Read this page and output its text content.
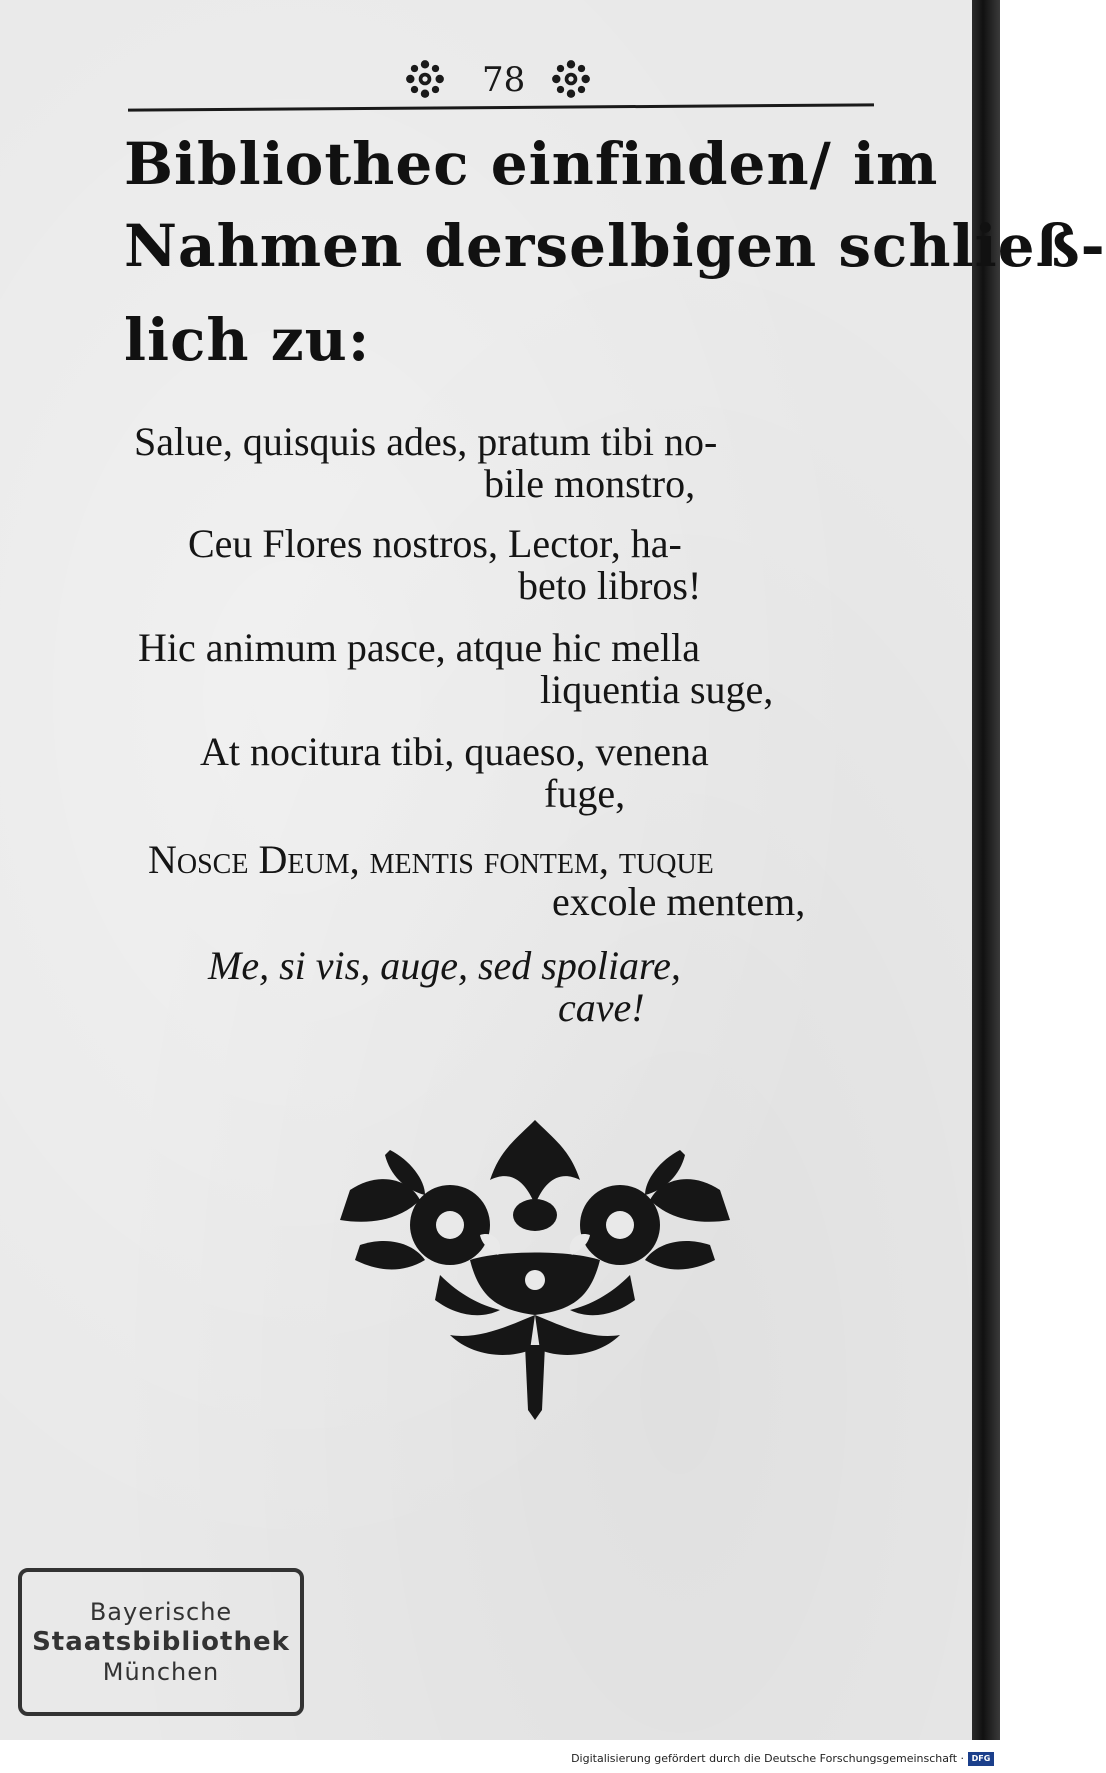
78
Bibliothec einfinden/ im
Nahmen derselbigen schließ-
lich zu:
Salue, quisquis ades, pratum tibi no-
bile monstro,
Ceu Flores nostros, Lector, ha-
beto libros!
Hic animum pasce, atque hic mella
liquentia suge,
At nocitura tibi, quaeso, venena
fuge,
Nosce Deum, mentis fontem, tuque
excole mentem,
Me, si vis, auge, sed spoliare,
cave!
Bayerische
Staatsbibliothek
München
Digitalisierung gefördert durch die Deutsche Forschungsgemeinschaft · DFG
